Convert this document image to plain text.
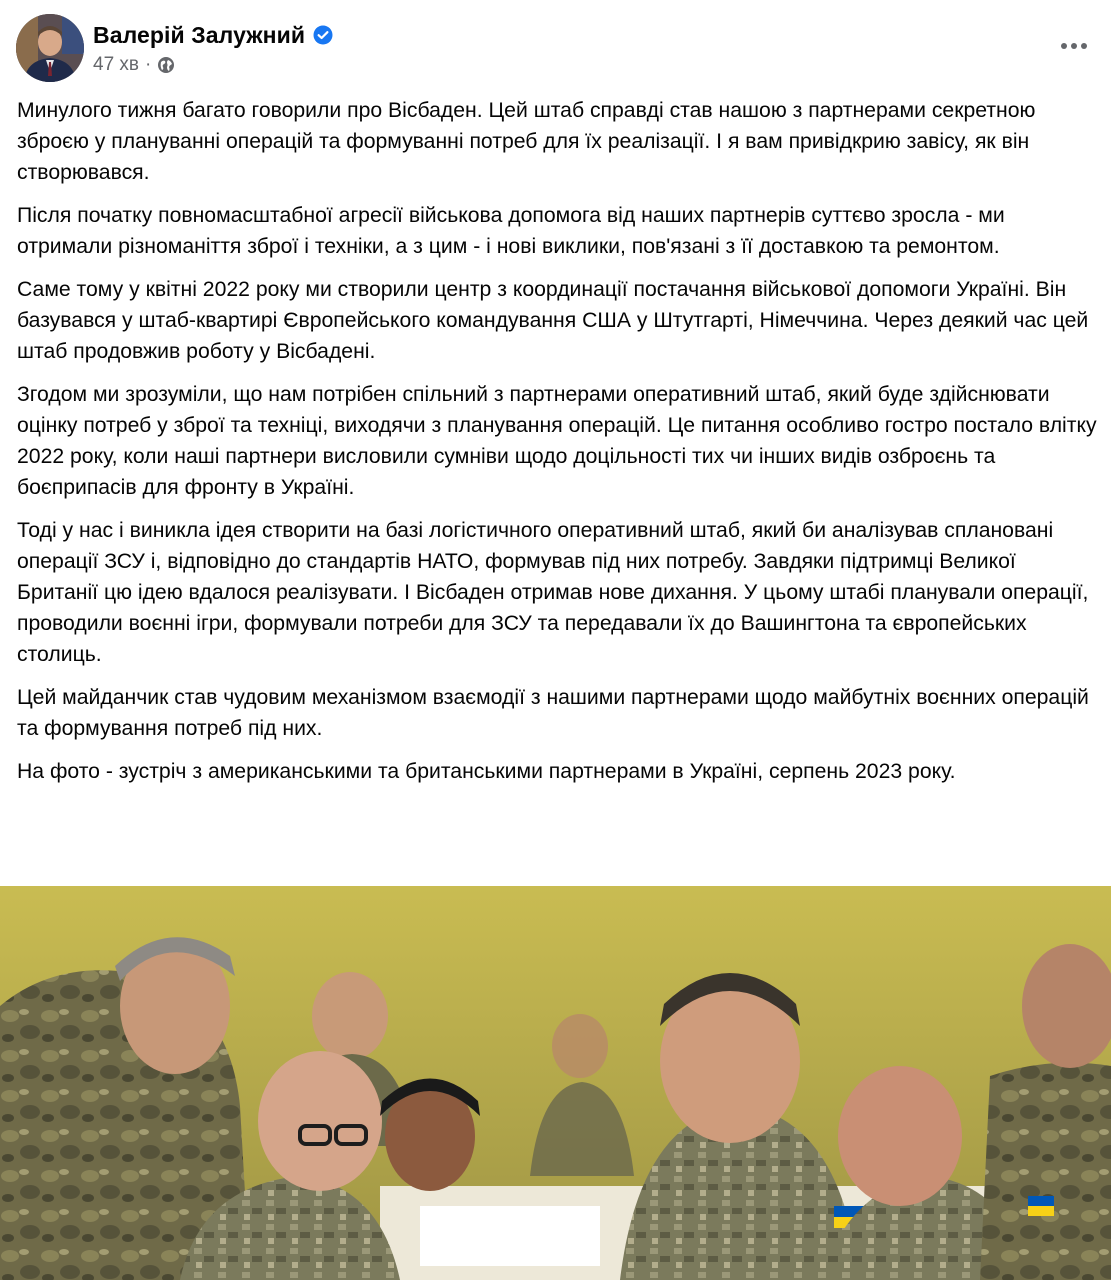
Валерій Залужний
47 хв ·

Минулого тижня багато говорили про Вісбаден. Цей штаб справді став нашою з партнерами секретною зброєю у плануванні операцій та формуванні потреб для їх реалізації. І я вам привідкрию завісу, як він створювався.

Після початку повномасштабної агресії військова допомога від наших партнерів суттєво зросла - ми отримали різноманіття зброї і техніки, а з цим - і нові виклики, пов'язані з її доставкою та ремонтом.

Саме тому у квітні 2022 року ми створили центр з координації постачання військової допомоги Україні. Він базувався у штаб-квартирі Європейського командування США у Штутгарті, Німеччина. Через деякий час цей штаб продовжив роботу у Вісбадені.

Згодом ми зрозуміли, що нам потрібен спільний з партнерами оперативний штаб, який буде здійснювати оцінку потреб у зброї та техніці, виходячи з планування операцій. Це питання особливо гостро постало влітку 2022 року, коли наші партнери висловили сумніви щодо доцільності тих чи інших видів озброєнь та боєприпасів для фронту в Україні.

Тоді у нас і виникла ідея створити на базі логістичного оперативний штаб, який би аналізував сплановані операції ЗСУ і, відповідно до стандартів НАТО, формував під них потребу. Завдяки підтримці Великої Британії цю ідею вдалося реалізувати. І Вісбаден отримав нове дихання. У цьому штабі планували операції, проводили воєнні ігри, формували потреби для ЗСУ та передавали їх до Вашингтона та європейських столиць.

Цей майданчик став чудовим механізмом взаємодії з нашими партнерами щодо майбутніх воєнних операцій та формування потреб під них.

На фото - зустріч з американськими та британськими партнерами в Україні, серпень 2023 року.
